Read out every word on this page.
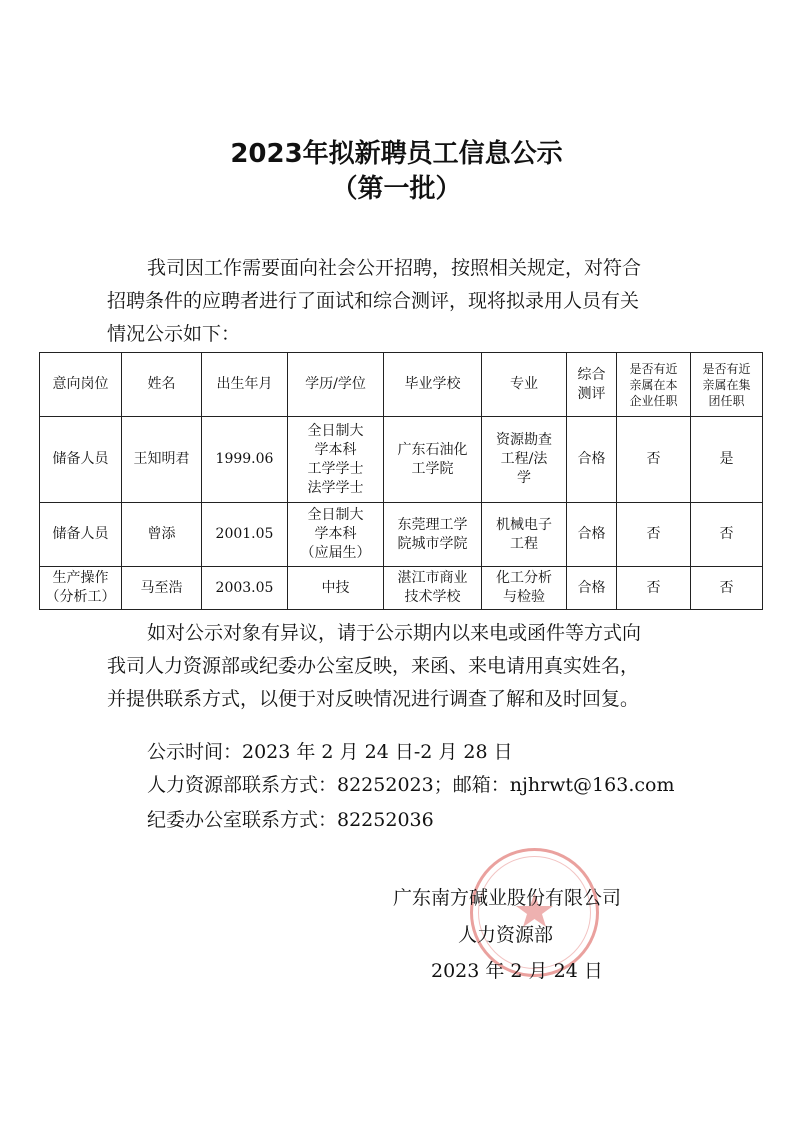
2023年拟新聘员工信息公示
（第一批）
我司因工作需要面向社会公开招聘，按照相关规定，对符合
招聘条件的应聘者进行了面试和综合测评，现将拟录用人员有关
情况公示如下：
意向岗位	姓名	出生年月	学历/学位	毕业学校	专业	综合
测评	是否有近
亲属在本
企业任职	是否有近
亲属在集
团任职
储备人员	王知明君	1999.06	全日制大
学本科
工学学士
法学学士	广东石油化
工学院	资源勘查
工程/法
学	合格	否	是
储备人员	曾添	2001.05	全日制大
学本科
（应届生）	东莞理工学
院城市学院	机械电子
工程	合格	否	否
生产操作
（分析工）	马至浩	2003.05	中技	湛江市商业
技术学校	化工分析
与检验	合格	否	否
如对公示对象有异议，请于公示期内以来电或函件等方式向
我司人力资源部或纪委办公室反映，来函、来电请用真实姓名，
并提供联系方式，以便于对反映情况进行调查了解和及时回复。
公示时间：2023 年 2 月 24 日-2 月 28 日
人力资源部联系方式：82252023；邮箱：njhrwt@163.com
纪委办公室联系方式：82252036
广东南方碱业股份有限公司
人力资源部
2023 年 2 月 24 日
